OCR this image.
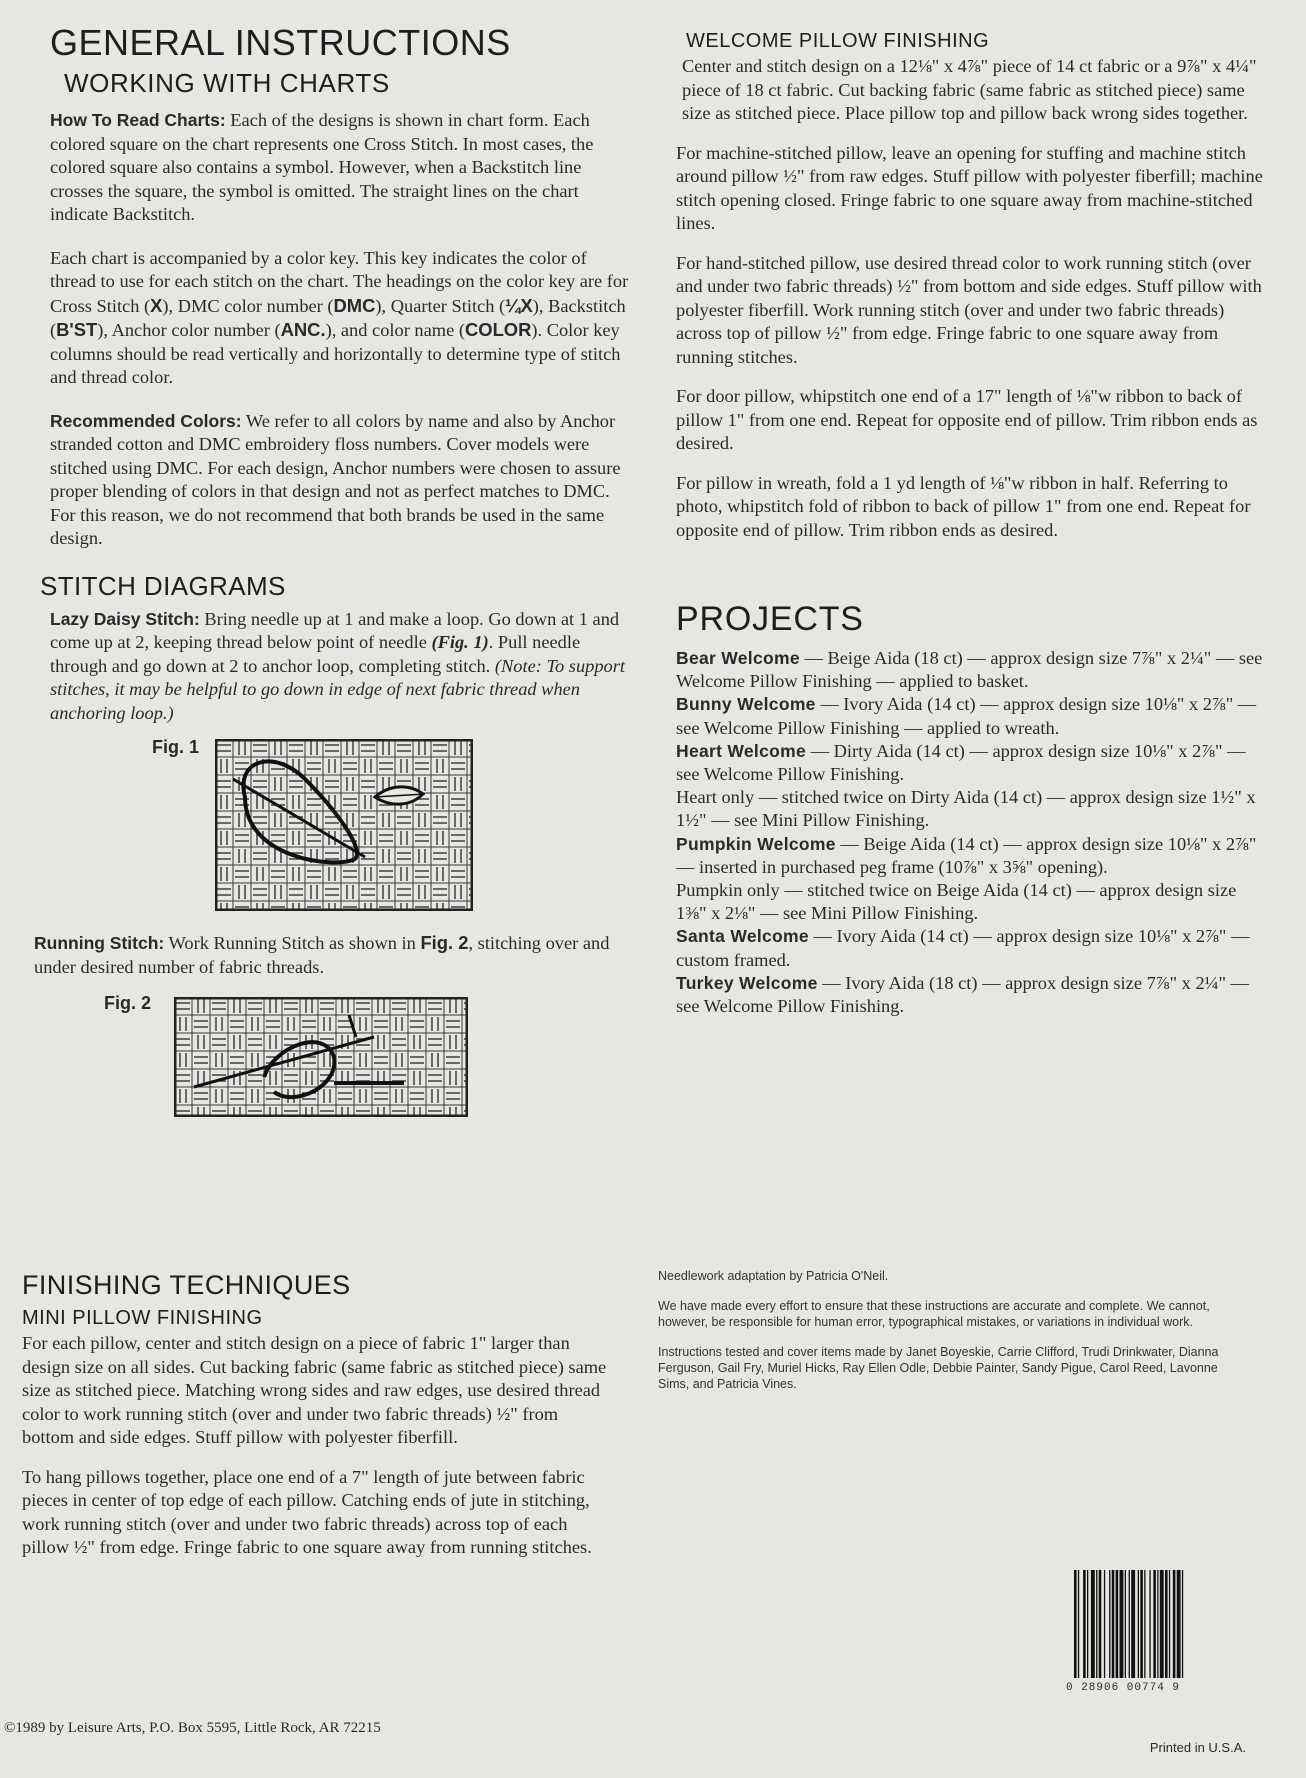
GENERAL INSTRUCTIONS
WORKING WITH CHARTS

How To Read Charts: Each of the designs is shown in chart form. Each colored square on the chart represents one Cross Stitch. In most cases, the colored square also contains a symbol. However, when a Backstitch line crosses the square, the symbol is omitted. The straight lines on the chart indicate Backstitch.

Each chart is accompanied by a color key. This key indicates the color of thread to use for each stitch on the chart. The headings on the color key are for Cross Stitch (X), DMC color number (DMC), Quarter Stitch (¼X), Backstitch (B'ST), Anchor color number (ANC.), and color name (COLOR). Color key columns should be read vertically and horizontally to determine type of stitch and thread color.

Recommended Colors: We refer to all colors by name and also by Anchor stranded cotton and DMC embroidery floss numbers. Cover models were stitched using DMC. For each design, Anchor numbers were chosen to assure proper blending of colors in that design and not as perfect matches to DMC. For this reason, we do not recommend that both brands be used in the same design.

STITCH DIAGRAMS

Lazy Daisy Stitch: Bring needle up at 1 and make a loop. Go down at 1 and come up at 2, keeping thread below point of needle (Fig. 1). Pull needle through and go down at 2 to anchor loop, completing stitch. (Note: To support stitches, it may be helpful to go down in edge of next fabric thread when anchoring loop.)

Fig. 1

Running Stitch: Work Running Stitch as shown in Fig. 2, stitching over and under desired number of fabric threads.

Fig. 2
FINISHING TECHNIQUES
MINI PILLOW FINISHING

For each pillow, center and stitch design on a piece of fabric 1" larger than design size on all sides. Cut backing fabric (same fabric as stitched piece) same size as stitched piece. Matching wrong sides and raw edges, use desired thread color to work running stitch (over and under two fabric threads) ½" from bottom and side edges. Stuff pillow with polyester fiberfill.

To hang pillows together, place one end of a 7" length of jute between fabric pieces in center of top edge of each pillow. Catching ends of jute in stitching, work running stitch (over and under two fabric threads) across top of each pillow ½" from edge. Fringe fabric to one square away from running stitches.

WELCOME PILLOW FINISHING

Center and stitch design on a 12⅛" x 4⅞" piece of 14 ct fabric or a 9⅞" x 4¼" piece of 18 ct fabric. Cut backing fabric (same fabric as stitched piece) same size as stitched piece. Place pillow top and pillow back wrong sides together.

For machine-stitched pillow, leave an opening for stuffing and machine stitch around pillow ½" from raw edges. Stuff pillow with polyester fiberfill; machine stitch opening closed. Fringe fabric to one square away from machine-stitched lines.

For hand-stitched pillow, use desired thread color to work running stitch (over and under two fabric threads) ½" from bottom and side edges. Stuff pillow with polyester fiberfill. Work running stitch (over and under two fabric threads) across top of pillow ½" from edge. Fringe fabric to one square away from running stitches.

For door pillow, whipstitch one end of a 17" length of ⅛"w ribbon to back of pillow 1" from one end. Repeat for opposite end of pillow. Trim ribbon ends as desired.

For pillow in wreath, fold a 1 yd length of ⅛"w ribbon in half. Referring to photo, whipstitch fold of ribbon to back of pillow 1" from one end. Repeat for opposite end of pillow. Trim ribbon ends as desired.

PROJECTS

Bear Welcome — Beige Aida (18 ct) — approx design size 7⅞" x 2¼" — see Welcome Pillow Finishing — applied to basket.

Bunny Welcome — Ivory Aida (14 ct) — approx design size 10⅛" x 2⅞" — see Welcome Pillow Finishing — applied to wreath.

Heart Welcome — Dirty Aida (14 ct) — approx design size 10⅛" x 2⅞" — see Welcome Pillow Finishing.

Heart only — stitched twice on Dirty Aida (14 ct) — approx design size 1½" x 1½" — see Mini Pillow Finishing.

Pumpkin Welcome — Beige Aida (14 ct) — approx design size 10⅛" x 2⅞" — inserted in purchased peg frame (10⅞" x 3⅝" opening).

Pumpkin only — stitched twice on Beige Aida (14 ct) — approx design size 1⅜" x 2⅛" — see Mini Pillow Finishing.

Santa Welcome — Ivory Aida (14 ct) — approx design size 10⅛" x 2⅞" — custom framed.

Turkey Welcome — Ivory Aida (18 ct) — approx design size 7⅞" x 2¼" — see Welcome Pillow Finishing.

Needlework adaptation by Patricia O'Neil.

We have made every effort to ensure that these instructions are accurate and complete. We cannot, however, be responsible for human error, typographical mistakes, or variations in individual work.

Instructions tested and cover items made by Janet Boyeskie, Carrie Clifford, Trudi Drinkwater, Dianna Ferguson, Gail Fry, Muriel Hicks, Ray Ellen Odle, Debbie Painter, Sandy Pigue, Carol Reed, Lavonne Sims, and Patricia Vines.

0 28906 00774 9
©1989 by Leisure Arts, P.O. Box 5595, Little Rock, AR 72215
Printed in U.S.A.
